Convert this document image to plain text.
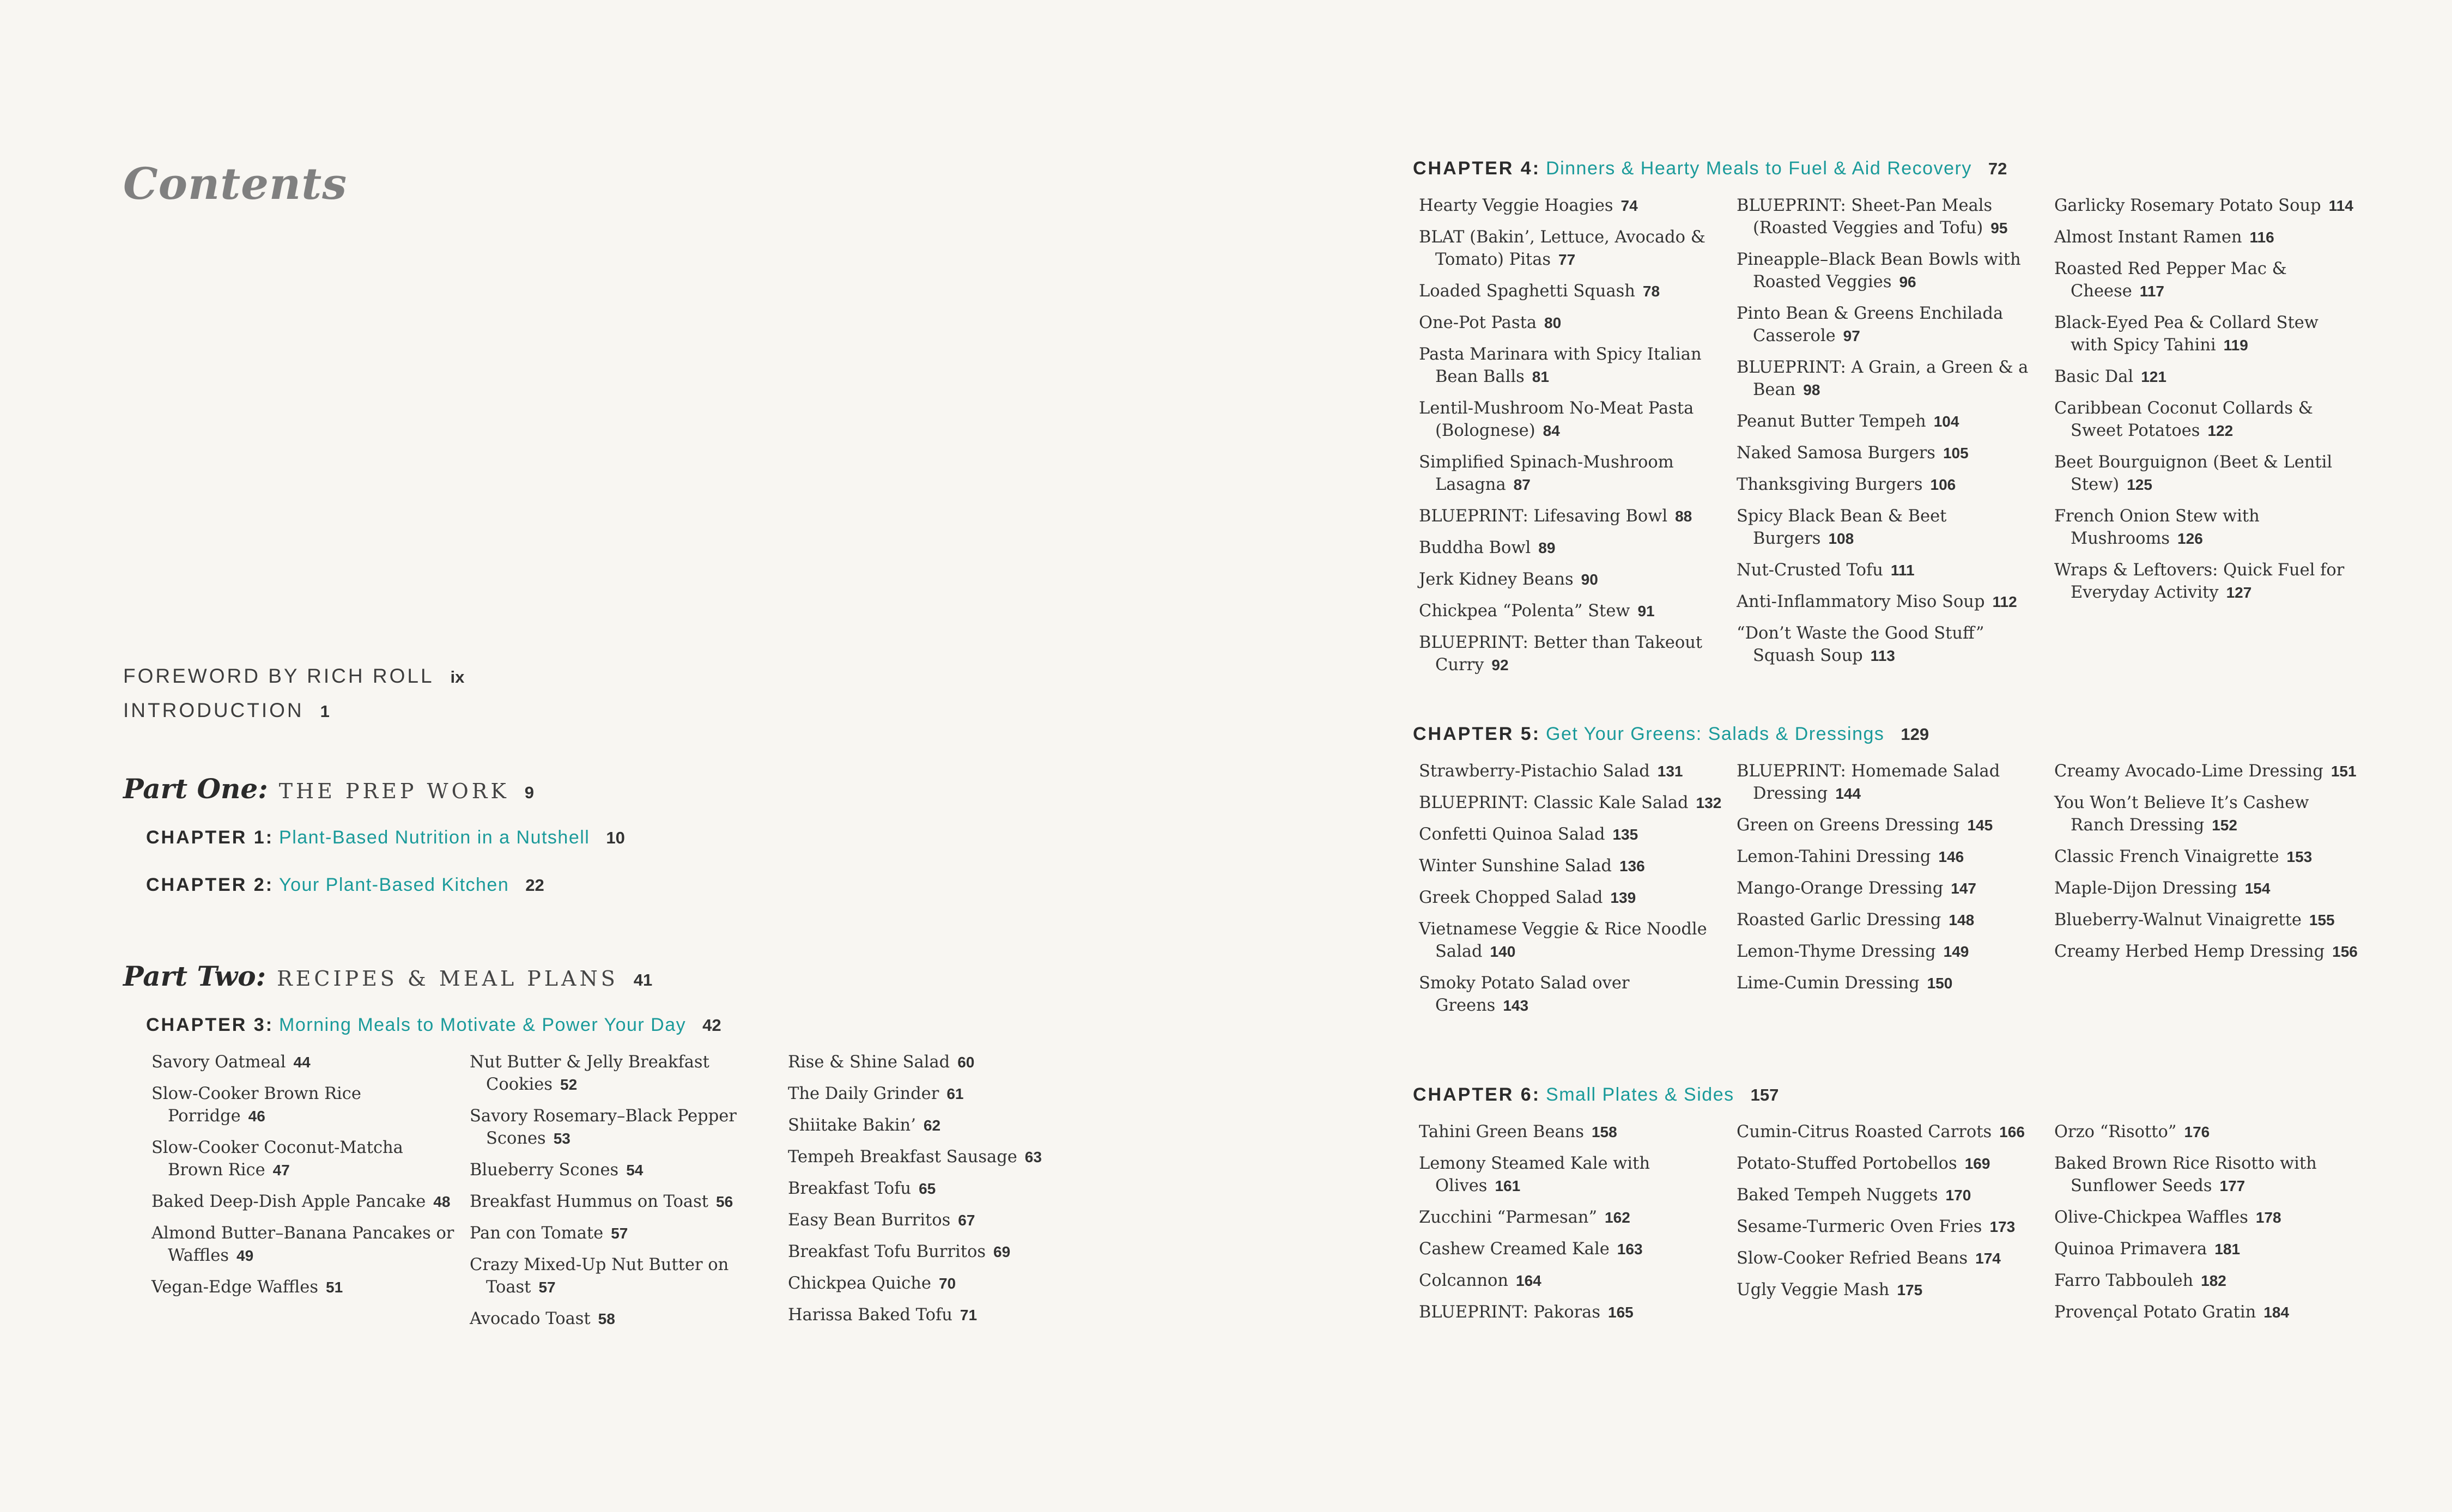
Contents
FOREWORD BY RICH ROLL ix
INTRODUCTION 1
Part One: THE PREP WORK 9
CHAPTER 1: Plant-Based Nutrition in a Nutshell 10
CHAPTER 2: Your Plant-Based Kitchen 22
Part Two: RECIPES & MEAL PLANS 41
CHAPTER 3: Morning Meals to Motivate & Power Your Day 42
Savory Oatmeal 44
Slow-Cooker Brown Rice Porridge 46
Slow-Cooker Coconut-Matcha Brown Rice 47
Baked Deep-Dish Apple Pancake 48
Almond Butter–Banana Pancakes or Waffles 49
Vegan-Edge Waffles 51
Nut Butter & Jelly Breakfast Cookies 52
Savory Rosemary–Black Pepper Scones 53
Blueberry Scones 54
Breakfast Hummus on Toast 56
Pan con Tomate 57
Crazy Mixed-Up Nut Butter on Toast 57
Avocado Toast 58
Rise & Shine Salad 60
The Daily Grinder 61
Shiitake Bakin’ 62
Tempeh Breakfast Sausage 63
Breakfast Tofu 65
Easy Bean Burritos 67
Breakfast Tofu Burritos 69
Chickpea Quiche 70
Harissa Baked Tofu 71
CHAPTER 4: Dinners & Hearty Meals to Fuel & Aid Recovery 72
Hearty Veggie Hoagies 74
BLAT (Bakin’, Lettuce, Avocado & Tomato) Pitas 77
Loaded Spaghetti Squash 78
One-Pot Pasta 80
Pasta Marinara with Spicy Italian Bean Balls 81
Lentil-Mushroom No-Meat Pasta (Bolognese) 84
Simplified Spinach-Mushroom Lasagna 87
BLUEPRINT: Lifesaving Bowl 88
Buddha Bowl 89
Jerk Kidney Beans 90
Chickpea “Polenta” Stew 91
BLUEPRINT: Better than Takeout Curry 92
BLUEPRINT: Sheet-Pan Meals (Roasted Veggies and Tofu) 95
Pineapple–Black Bean Bowls with Roasted Veggies 96
Pinto Bean & Greens Enchilada Casserole 97
BLUEPRINT: A Grain, a Green & a Bean 98
Peanut Butter Tempeh 104
Naked Samosa Burgers 105
Thanksgiving Burgers 106
Spicy Black Bean & Beet Burgers 108
Nut-Crusted Tofu 111
Anti-Inflammatory Miso Soup 112
“Don’t Waste the Good Stuff” Squash Soup 113
Garlicky Rosemary Potato Soup 114
Almost Instant Ramen 116
Roasted Red Pepper Mac & Cheese 117
Black-Eyed Pea & Collard Stew with Spicy Tahini 119
Basic Dal 121
Caribbean Coconut Collards & Sweet Potatoes 122
Beet Bourguignon (Beet & Lentil Stew) 125
French Onion Stew with Mushrooms 126
Wraps & Leftovers: Quick Fuel for Everyday Activity 127
CHAPTER 5: Get Your Greens: Salads & Dressings 129
Strawberry-Pistachio Salad 131
BLUEPRINT: Classic Kale Salad 132
Confetti Quinoa Salad 135
Winter Sunshine Salad 136
Greek Chopped Salad 139
Vietnamese Veggie & Rice Noodle Salad 140
Smoky Potato Salad over Greens 143
BLUEPRINT: Homemade Salad Dressing 144
Green on Greens Dressing 145
Lemon-Tahini Dressing 146
Mango-Orange Dressing 147
Roasted Garlic Dressing 148
Lemon-Thyme Dressing 149
Lime-Cumin Dressing 150
Creamy Avocado-Lime Dressing 151
You Won’t Believe It’s Cashew Ranch Dressing 152
Classic French Vinaigrette 153
Maple-Dijon Dressing 154
Blueberry-Walnut Vinaigrette 155
Creamy Herbed Hemp Dressing 156
CHAPTER 6: Small Plates & Sides 157
Tahini Green Beans 158
Lemony Steamed Kale with Olives 161
Zucchini “Parmesan” 162
Cashew Creamed Kale 163
Colcannon 164
BLUEPRINT: Pakoras 165
Cumin-Citrus Roasted Carrots 166
Potato-Stuffed Portobellos 169
Baked Tempeh Nuggets 170
Sesame-Turmeric Oven Fries 173
Slow-Cooker Refried Beans 174
Ugly Veggie Mash 175
Orzo “Risotto” 176
Baked Brown Rice Risotto with Sunflower Seeds 177
Olive-Chickpea Waffles 178
Quinoa Primavera 181
Farro Tabbouleh 182
Provençal Potato Gratin 184
